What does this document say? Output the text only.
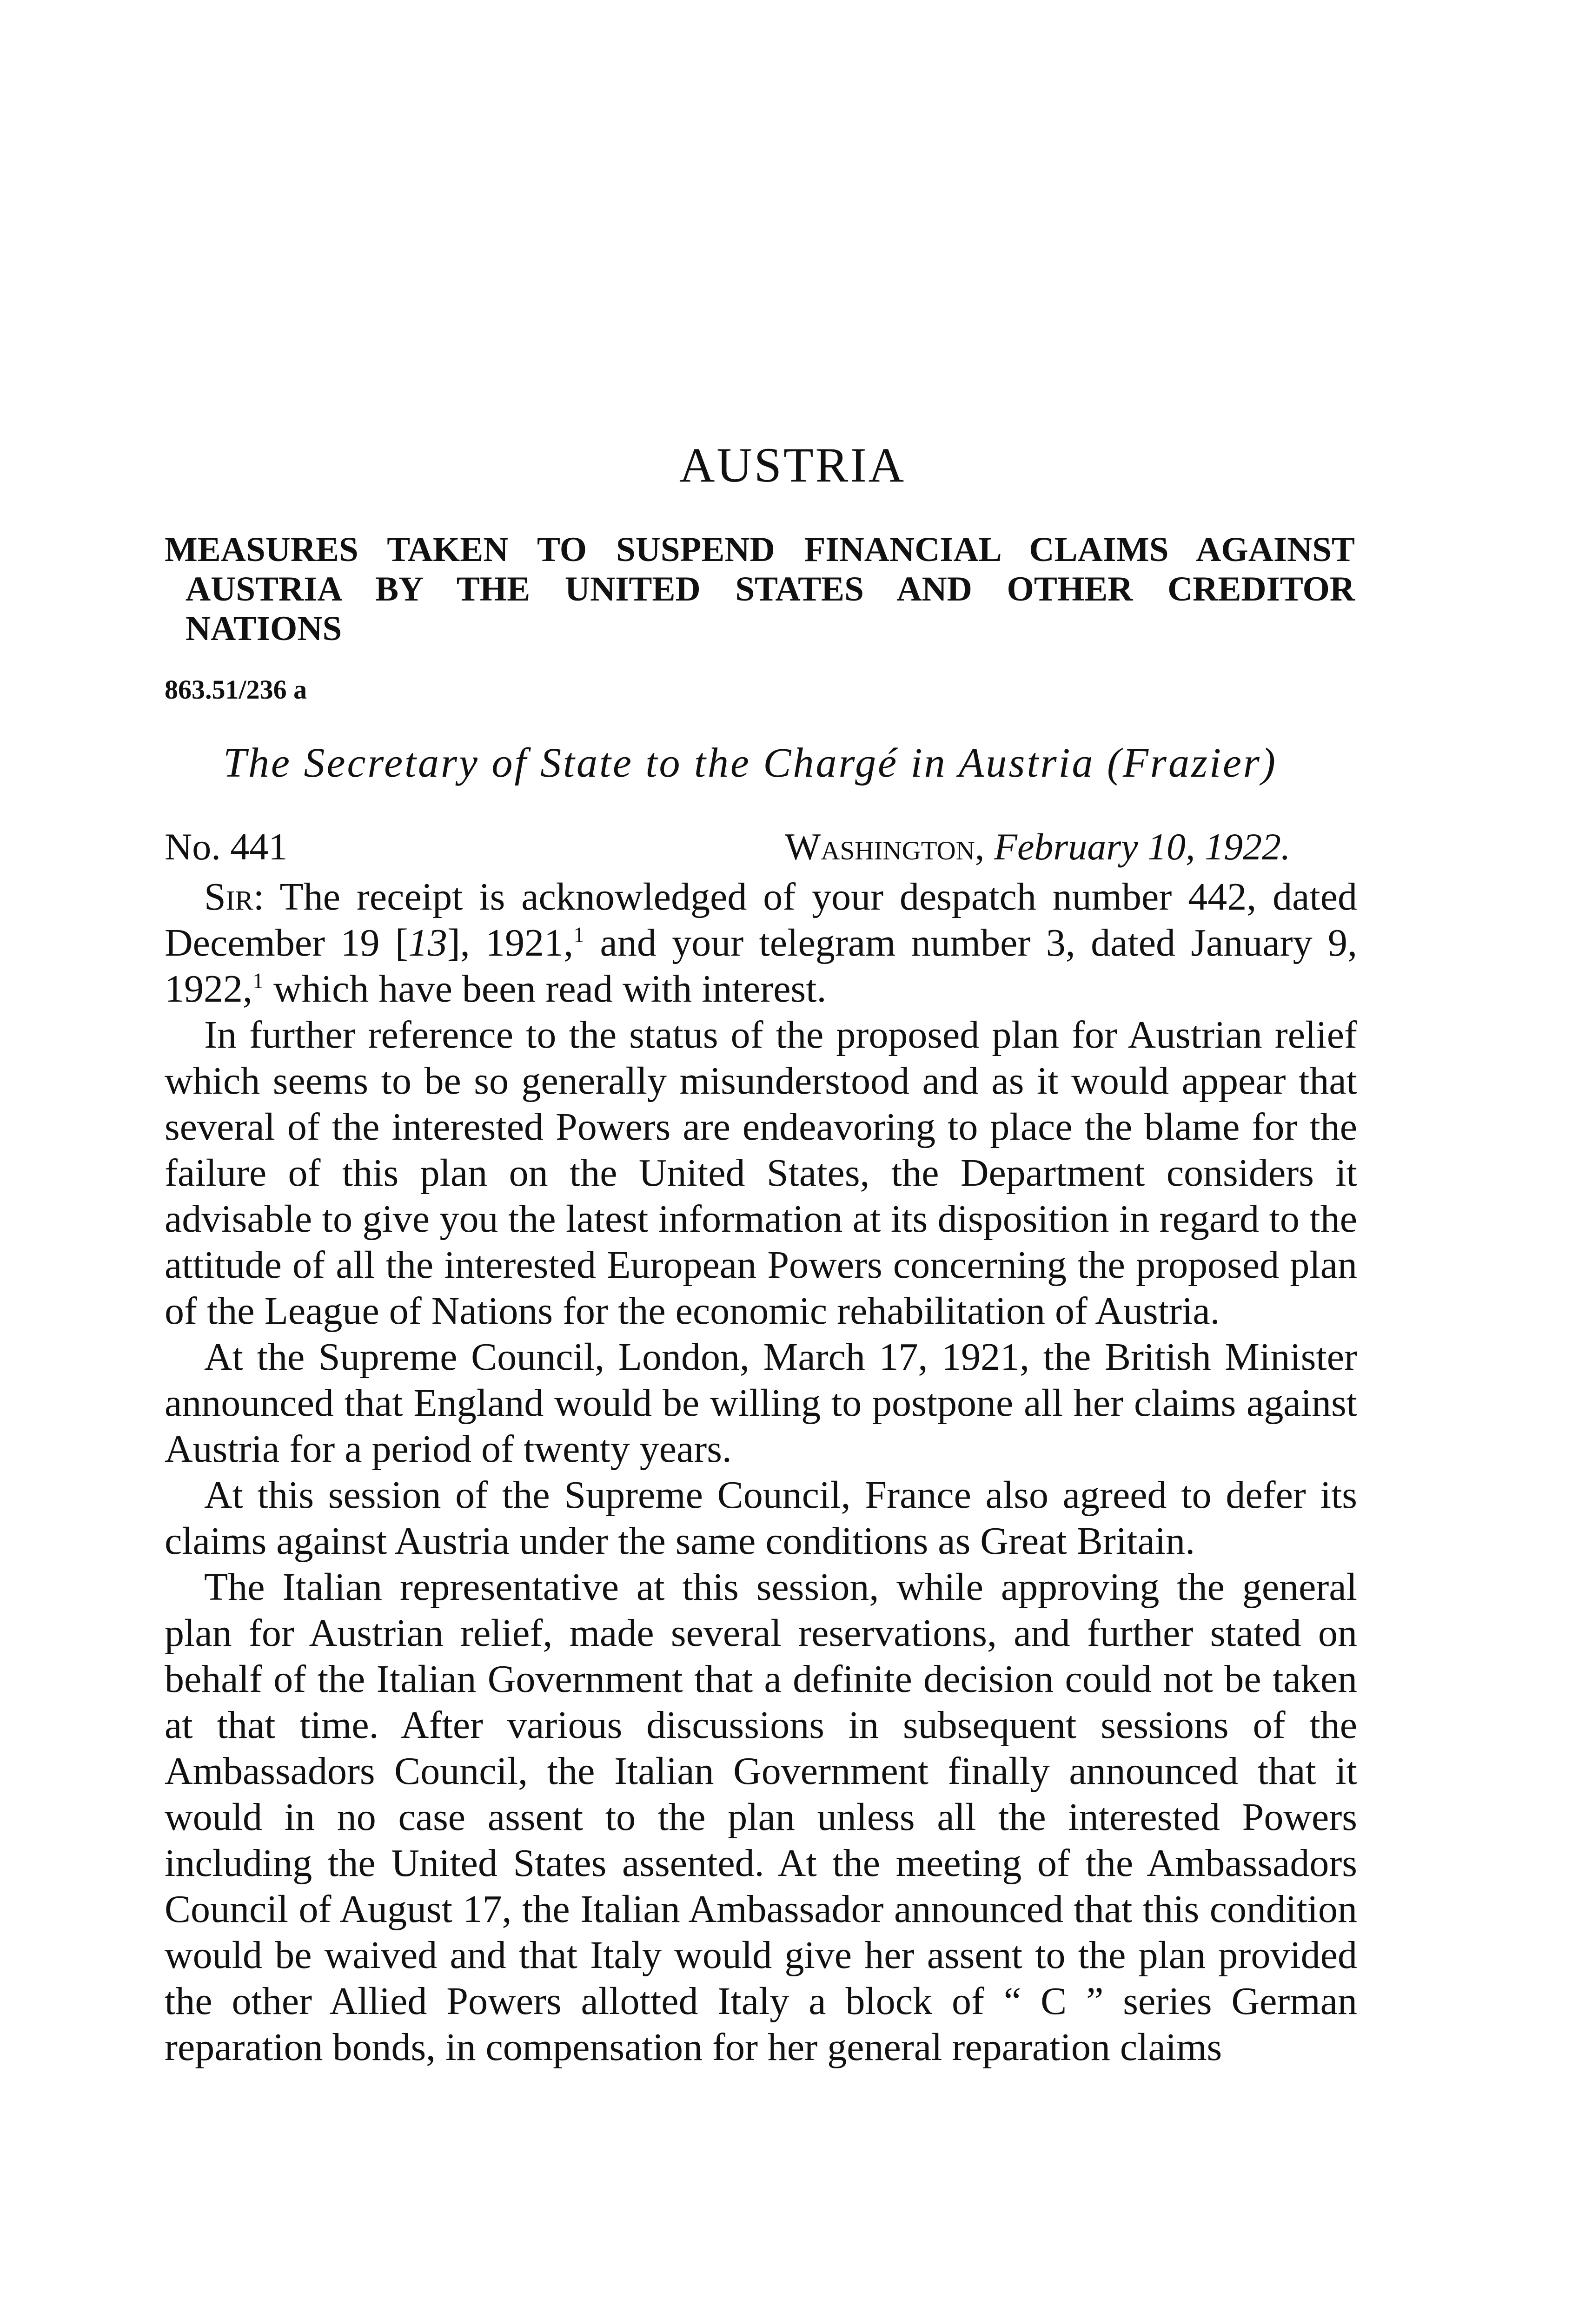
AUSTRIA
MEASURES TAKEN TO SUSPEND FINANCIAL CLAIMS AGAINST
AUSTRIA BY THE UNITED STATES AND OTHER CREDITOR
NATIONS
863.51/236 a
The Secretary of State to the Chargé in Austria (Frazier)
No. 441	Washington, February 10, 1922.

Sir: The receipt is acknowledged of your despatch number 442, dated December 19 [13], 1921,$^1$ and your telegram number 3, dated January 9, 1922,$^1$ which have been read with interest.

In further reference to the status of the proposed plan for Austrian relief which seems to be so generally misunderstood and as it would appear that several of the interested Powers are endeavoring to place the blame for the failure of this plan on the United States, the Department considers it advisable to give you the latest information at its disposition in regard to the attitude of all the interested European Powers concerning the proposed plan of the League of Nations for the economic rehabilitation of Austria.

At the Supreme Council, London, March 17, 1921, the British Minister announced that England would be willing to postpone all her claims against Austria for a period of twenty years.

At this session of the Supreme Council, France also agreed to defer its claims against Austria under the same conditions as Great Britain.

The Italian representative at this session, while approving the general plan for Austrian relief, made several reservations, and further stated on behalf of the Italian Government that a definite decision could not be taken at that time. After various discussions in subsequent sessions of the Ambassadors Council, the Italian Government finally announced that it would in no case assent to the plan unless all the interested Powers including the United States assented. At the meeting of the Ambassadors Council of August 17, the Italian Ambassador announced that this condition would be waived and that Italy would give her assent to the plan provided the other Allied Powers allotted Italy a block of “ C ” series German reparation bonds, in compensation for her general reparation claims
